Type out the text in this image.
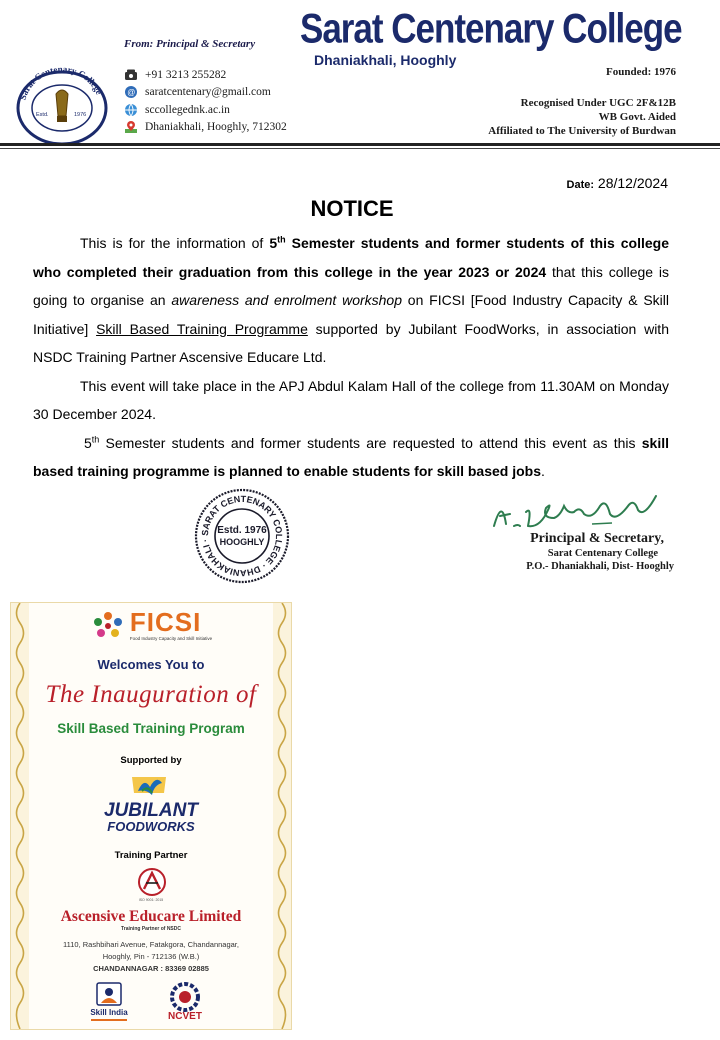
Sarat Centenary College
Estd.	1976
From: Principal & Secretary
+91 3213 255282
@ saratcentenary@gmail.com
sccollegednk.ac.in
Dhaniakhali, Hooghly, 712302
Sarat Centenary College
Dhaniakhali, Hooghly
Founded: 1976
Recognised Under UGC 2F&12B
WB Govt. Aided
Affiliated to The University of Burdwan
Date: 28/12/2024
NOTICE

This is for the information of 5th Semester students and former students of this college who completed their graduation from this college in the year 2023 or 2024 that this college is going to organise an awareness and enrolment workshop on FICSI [Food Industry Capacity & Skill Initiative] Skill Based Training Programme supported by Jubilant FoodWorks, in association with NSDC Training Partner Ascensive Educare Ltd.

This event will take place in the APJ Abdul Kalam Hall of the college from 11.30AM on Monday 30 December 2024.

5th Semester students and former students are requested to attend this event as this skill based training programme is planned to enable students for skill based jobs.

SARAT CENTENARY COLLEGE · DHANIAKHALI ·
Estd. 1976
HOOGHLY	Principal & Secretary,
Sarat Centenary College
P.O.- Dhaniakhali, Dist- Hooghly
FICSI
Food Industry Capacity and Skill Initiative
Welcomes You to
The Inauguration of
Skill Based Training Program
Supported by
JUBILANT
FOODWORKS
Training Partner
ISO 9001: 2015
Ascensive Educare Limited
Training Partner of NSDC
1110, Rashbihari Avenue, Fatakgora, Chandannagar,
Hooghly, Pin - 712136 (W.B.)
CHANDANNAGAR : 83369 02885
Skill India	NCVET
